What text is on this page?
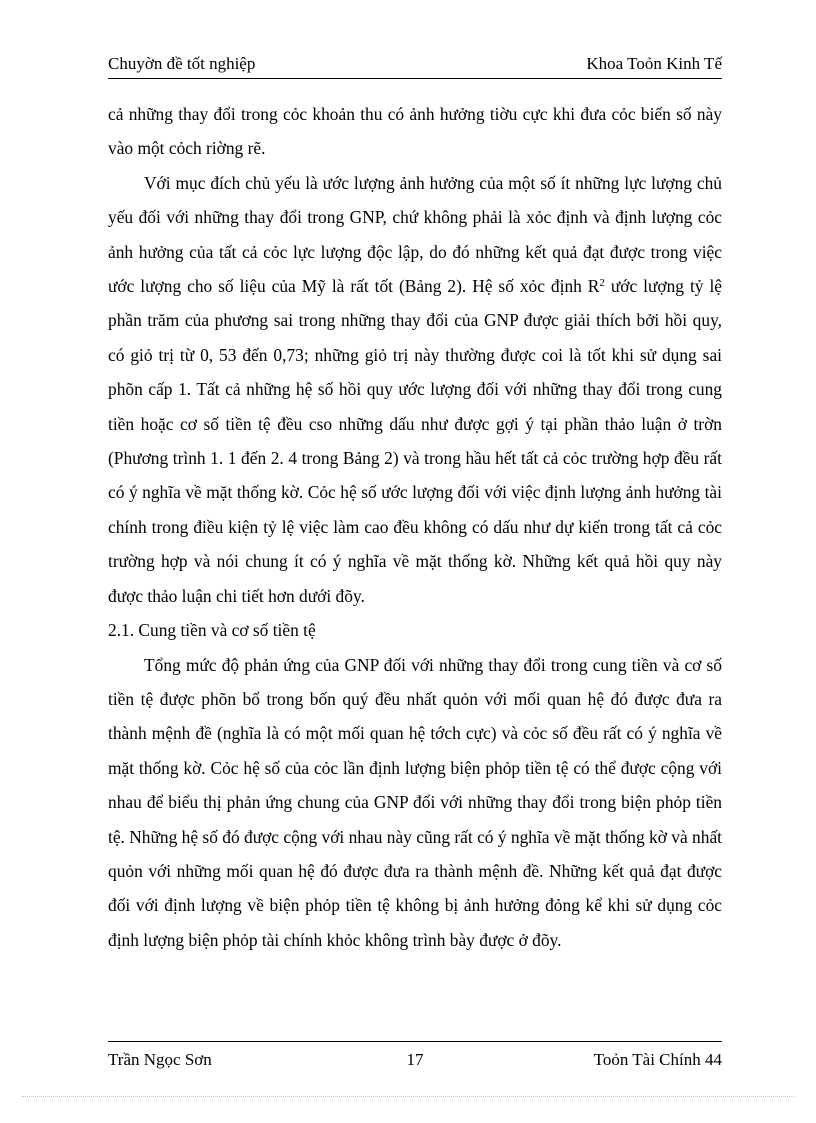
Chuyờn đề tốt nghiệp	Khoa Toỏn Kinh Tế

cả những thay đổi trong cỏc khoản thu có ảnh hưởng tiờu cực khi đưa cỏc biến số này vào một cỏch riờng rẽ.

Với mục đích chủ yếu là ước lượng ảnh hưởng của một số ít những lực lượng chủ yếu đối với những thay đổi trong GNP, chứ không phải là xỏc định và định lượng cỏc ảnh hưởng của tất cả cỏc lực lượng độc lập, do đó những kết quả đạt được trong việc ước lượng cho số liệu của Mỹ là rất tốt (Bảng 2). Hệ số xỏc định $R^2$ ước lượng tỷ lệ phần trăm của phương sai trong những thay đổi của GNP được giải thích bởi hồi quy, có giỏ trị từ 0, 53 đến 0,73; những giỏ trị này thường được coi là tốt khi sử dụng sai phõn cấp 1. Tất cả những hệ số hồi quy ước lượng đối với những thay đổi trong cung tiền hoặc cơ số tiền tệ đều cso những dấu như được gợi ý tại phần thảo luận ở trờn (Phương trình 1. 1 đến 2. 4 trong Bảng 2) và trong hầu hết tất cả cỏc trường hợp đều rất có ý nghĩa về mặt thống kờ. Cỏc hệ số ước lượng đối với việc định lượng ảnh hưởng tài chính trong điều kiện tỷ lệ việc làm cao đều không có dấu như dự kiến trong tất cả cỏc trường hợp và nói chung ít có ý nghĩa về mặt thống kờ. Những kết quả hồi quy này được thảo luận chi tiết hơn dưới đõy.

2.1. Cung tiền và cơ số tiền tệ

Tổng mức độ phản ứng của GNP đối với những thay đổi trong cung tiền và cơ số tiền tệ được phõn bổ trong bốn quý đều nhất quỏn với mối quan hệ đó được đưa ra thành mệnh đề (nghĩa là có một mối quan hệ tớch cực) và cỏc số đều rất có ý nghĩa về mặt thống kờ. Cỏc hệ số của cỏc lần định lượng biện phỏp tiền tệ có thể được cộng với nhau để biểu thị phản ứng chung của GNP đối với những thay đổi trong biện phỏp tiền tệ. Những hệ số đó được cộng với nhau này cũng rất có ý nghĩa về mặt thống kờ và nhất quỏn với những mối quan hệ đó được đưa ra thành mệnh đề. Những kết quả đạt được đối với định lượng về biện phỏp tiền tệ không bị ảnh hưởng đỏng kể khi sử dụng cỏc định lượng biện phỏp tài chính khỏc không trình bày được ở đõy.

Trần Ngọc Sơn	17	Toỏn Tài Chính 44
